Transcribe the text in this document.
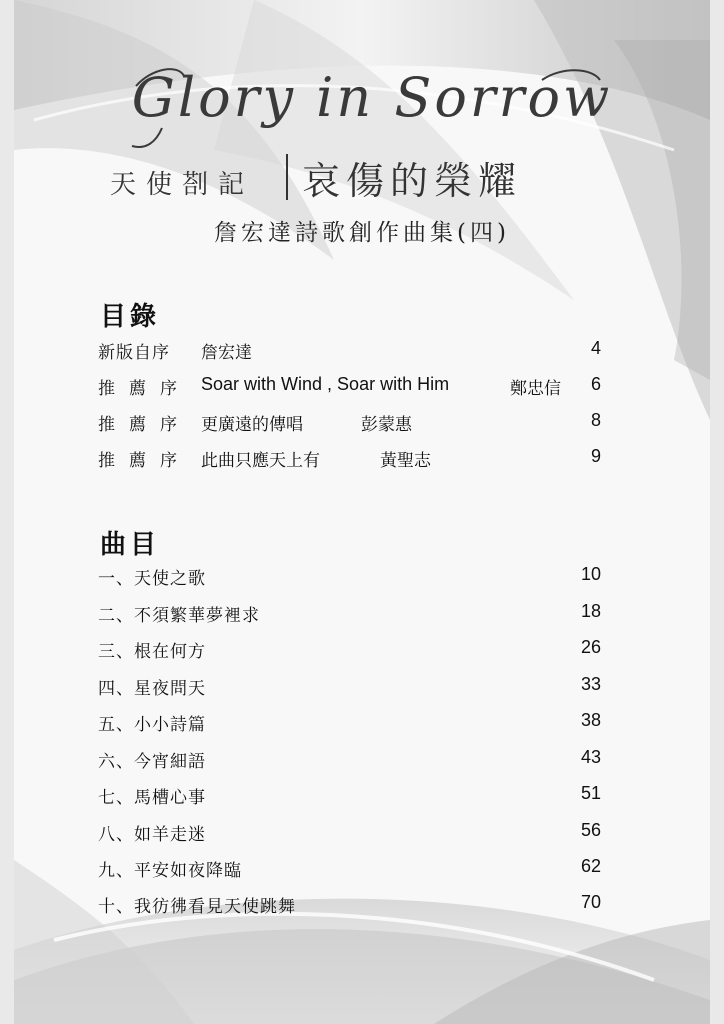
Glory in Sorrow
天使剳記 哀傷的榮耀
詹宏達詩歌創作曲集(四)
目錄
新版自序 詹宏達	4
推薦序 Soar with Wind , Soar with Him	鄭忠信 6
推薦序 更廣遠的傳唱	彭蒙惠	8
推薦序 此曲只應天上有	黃聖志	9
曲目
一、天使之歌	10
二、不須繁華夢裡求	18
三、根在何方	26
四、星夜問天	33
五、小小詩篇	38
六、今宵細語	43
七、馬槽心事	51
八、如羊走迷	56
九、平安如夜降臨	62
十、我彷彿看見天使跳舞	70
